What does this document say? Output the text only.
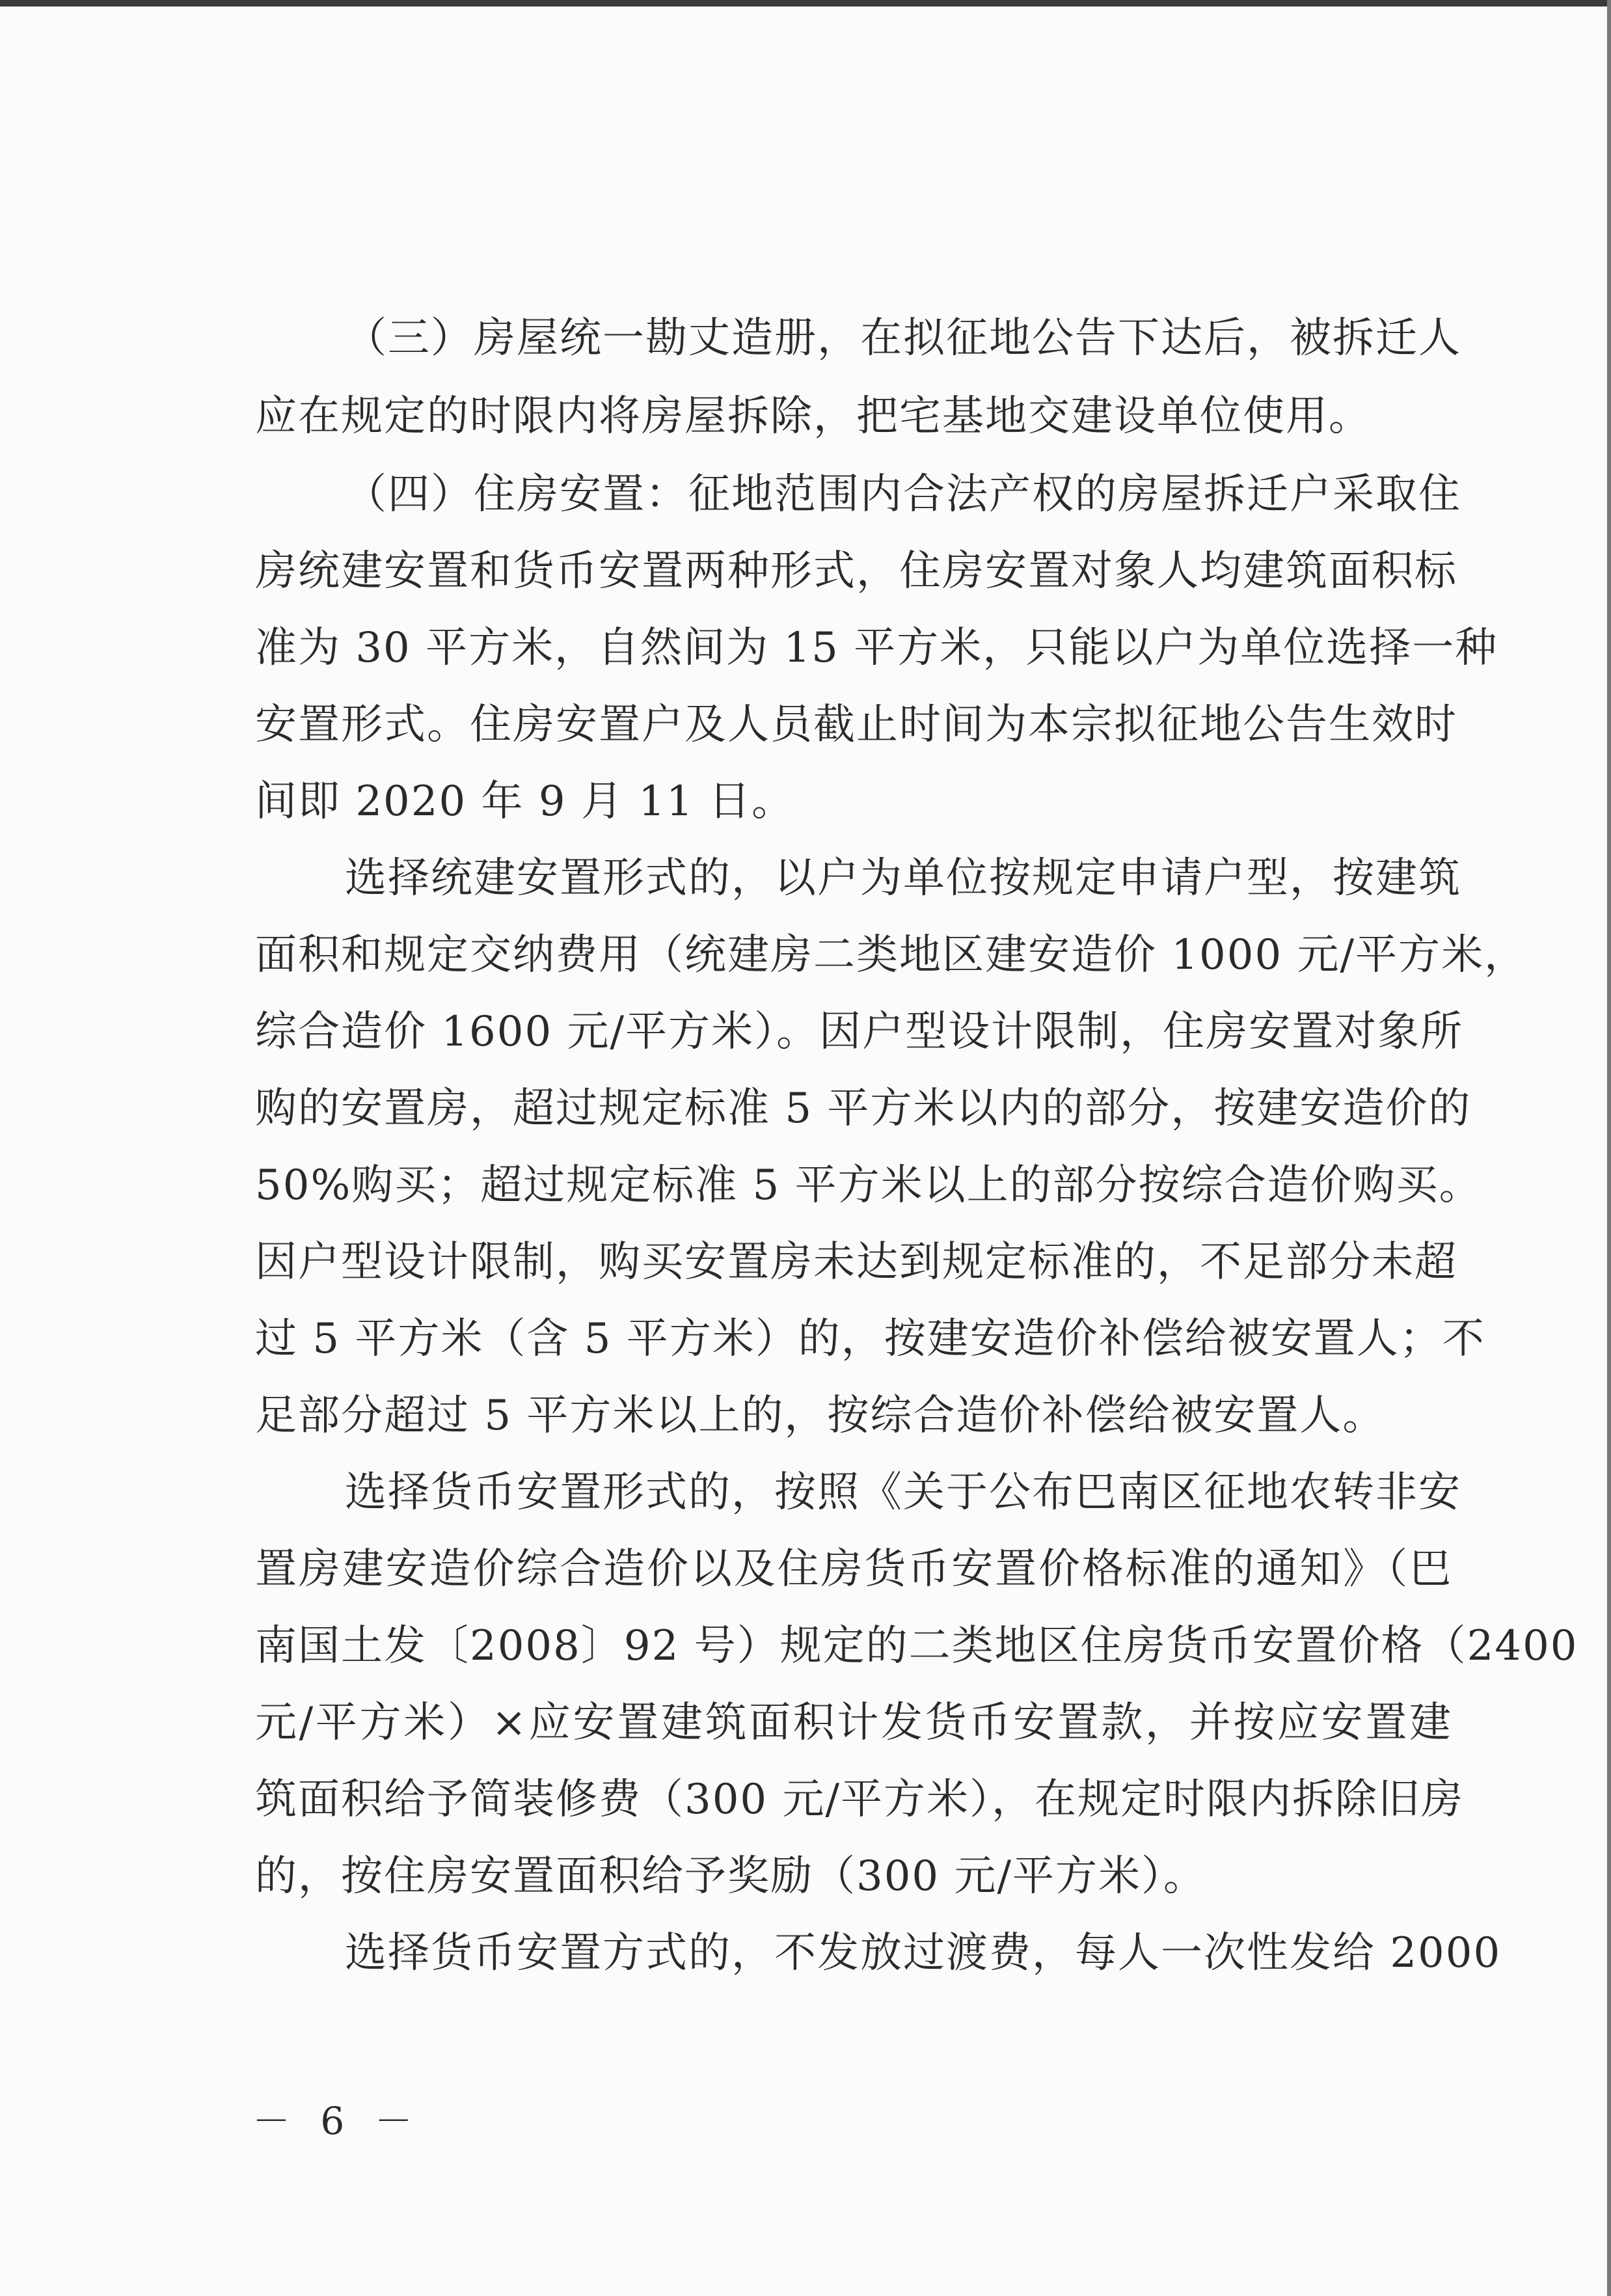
（三）房屋统一勘丈造册，在拟征地公告下达后，被拆迁人
应在规定的时限内将房屋拆除，把宅基地交建设单位使用。
（四）住房安置：征地范围内合法产权的房屋拆迁户采取住
房统建安置和货币安置两种形式，住房安置对象人均建筑面积标
准为 30 平方米，自然间为 15 平方米，只能以户为单位选择一种
安置形式。住房安置户及人员截止时间为本宗拟征地公告生效时
间即 2020 年 9 月 11 日。
选择统建安置形式的，以户为单位按规定申请户型，按建筑
面积和规定交纳费用（统建房二类地区建安造价 1000 元/平方米，
综合造价 1600 元/平方米）。因户型设计限制，住房安置对象所
购的安置房，超过规定标准 5 平方米以内的部分，按建安造价的
50%购买；超过规定标准 5 平方米以上的部分按综合造价购买。
因户型设计限制，购买安置房未达到规定标准的，不足部分未超
过 5 平方米（含 5 平方米）的，按建安造价补偿给被安置人；不
足部分超过 5 平方米以上的，按综合造价补偿给被安置人。
选择货币安置形式的，按照《关于公布巴南区征地农转非安
置房建安造价综合造价以及住房货币安置价格标准的通知》（巴
南国土发〔2008〕92 号）规定的二类地区住房货币安置价格（2400
元/平方米）×应安置建筑面积计发货币安置款，并按应安置建
筑面积给予简装修费（300 元/平方米），在规定时限内拆除旧房
的，按住房安置面积给予奖励（300 元/平方米）。
选择货币安置方式的，不发放过渡费，每人一次性发给 2000
－ 6 －
